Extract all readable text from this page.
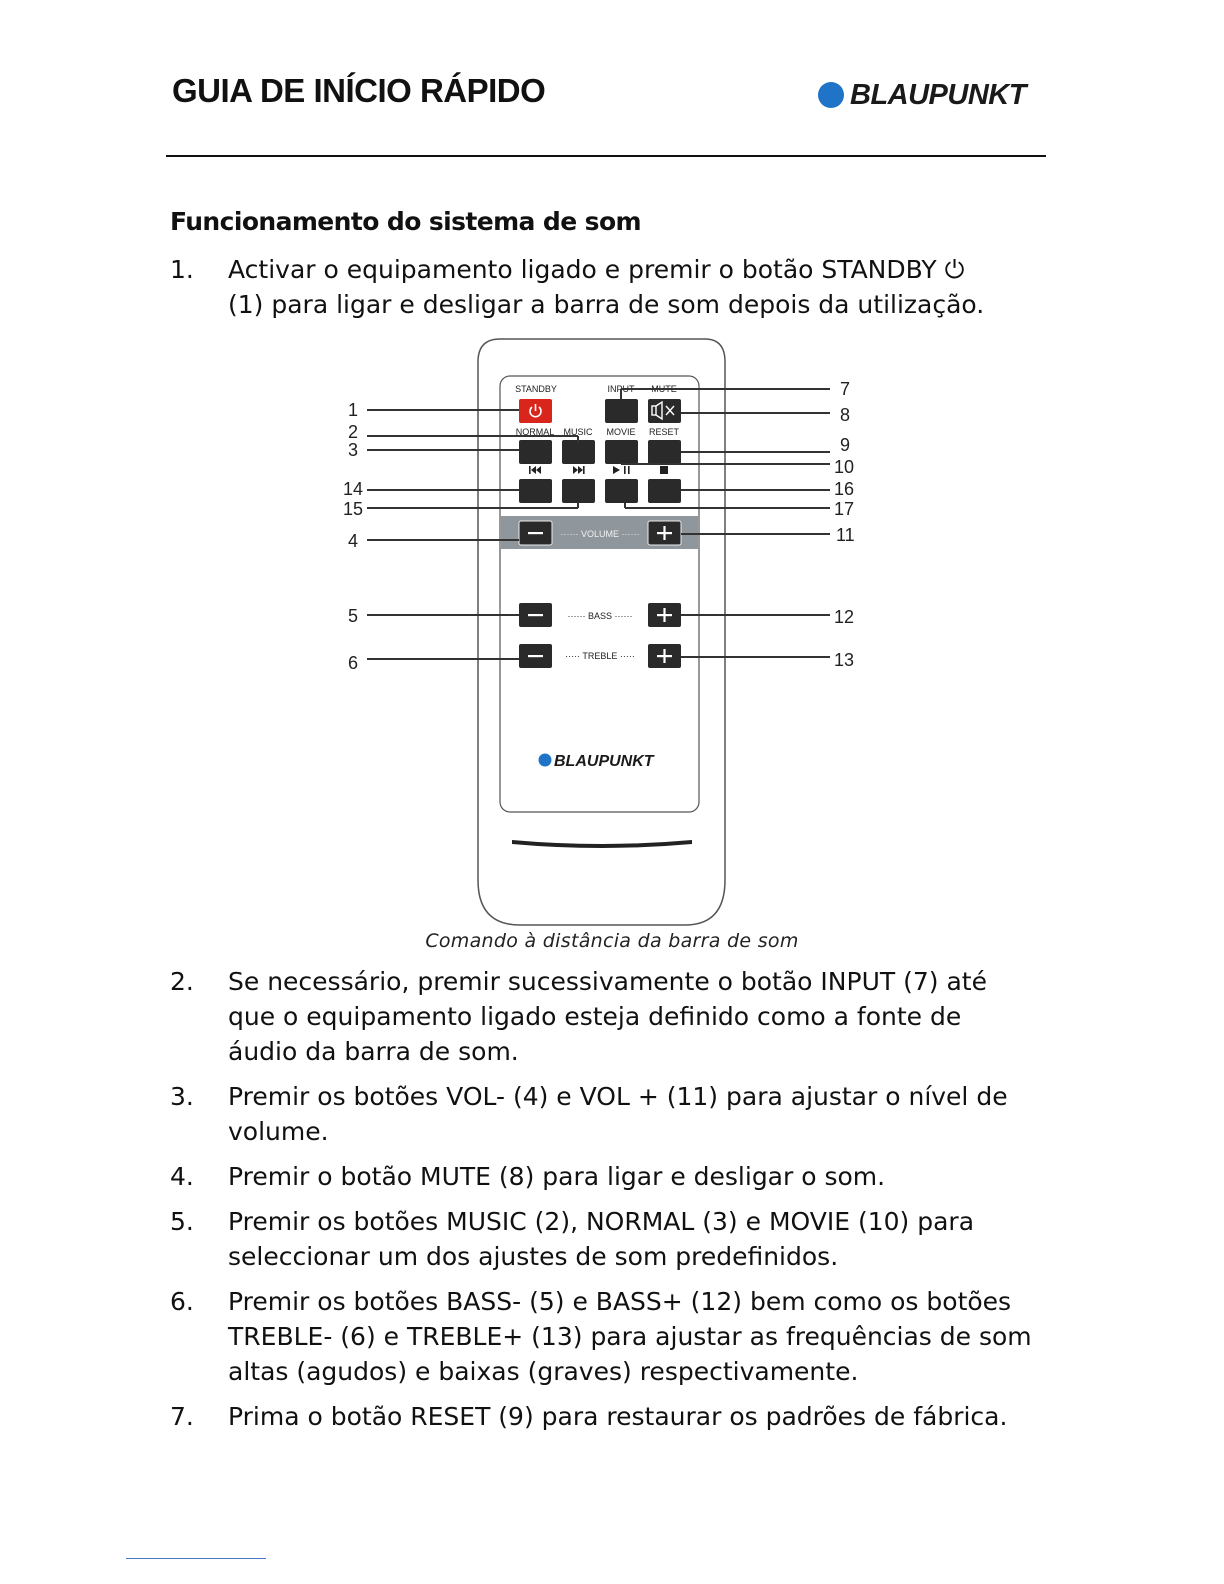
GUIA DE INÍCIO RÁPIDO	BLAUPUNKT
Funcionamento do sistema de som
1. Activar o equipamento ligado e premir o botão STANDBY ⏻
(1) para ligar e desligar a barra de som depois da utilização.
STANDBY	INPUT MUTE
NORMAL MUSIC MOVIE RESET
······ VOLUME ······
······ BASS ······
····· TREBLE ·····
BLAUPUNKT
1
2
3
14
15
4
5
6
7
8
9
10
16
17
11
12
13
Comando à distância da barra de som
2. Se necessário, premir sucessivamente o botão INPUT (7) até
que o equipamento ligado esteja definido como a fonte de
áudio da barra de som.
3. Premir os botões VOL- (4) e VOL + (11) para ajustar o nível de
volume.
4. Premir o botão MUTE (8) para ligar e desligar o som.
5. Premir os botões MUSIC (2), NORMAL (3) e MOVIE (10) para
seleccionar um dos ajustes de som predefinidos.
6. Premir os botões BASS- (5) e BASS+ (12) bem como os botões
TREBLE- (6) e TREBLE+ (13) para ajustar as frequências de som
altas (agudos) e baixas (graves) respectivamente.
7. Prima o botão RESET (9) para restaurar os padrões de fábrica.
